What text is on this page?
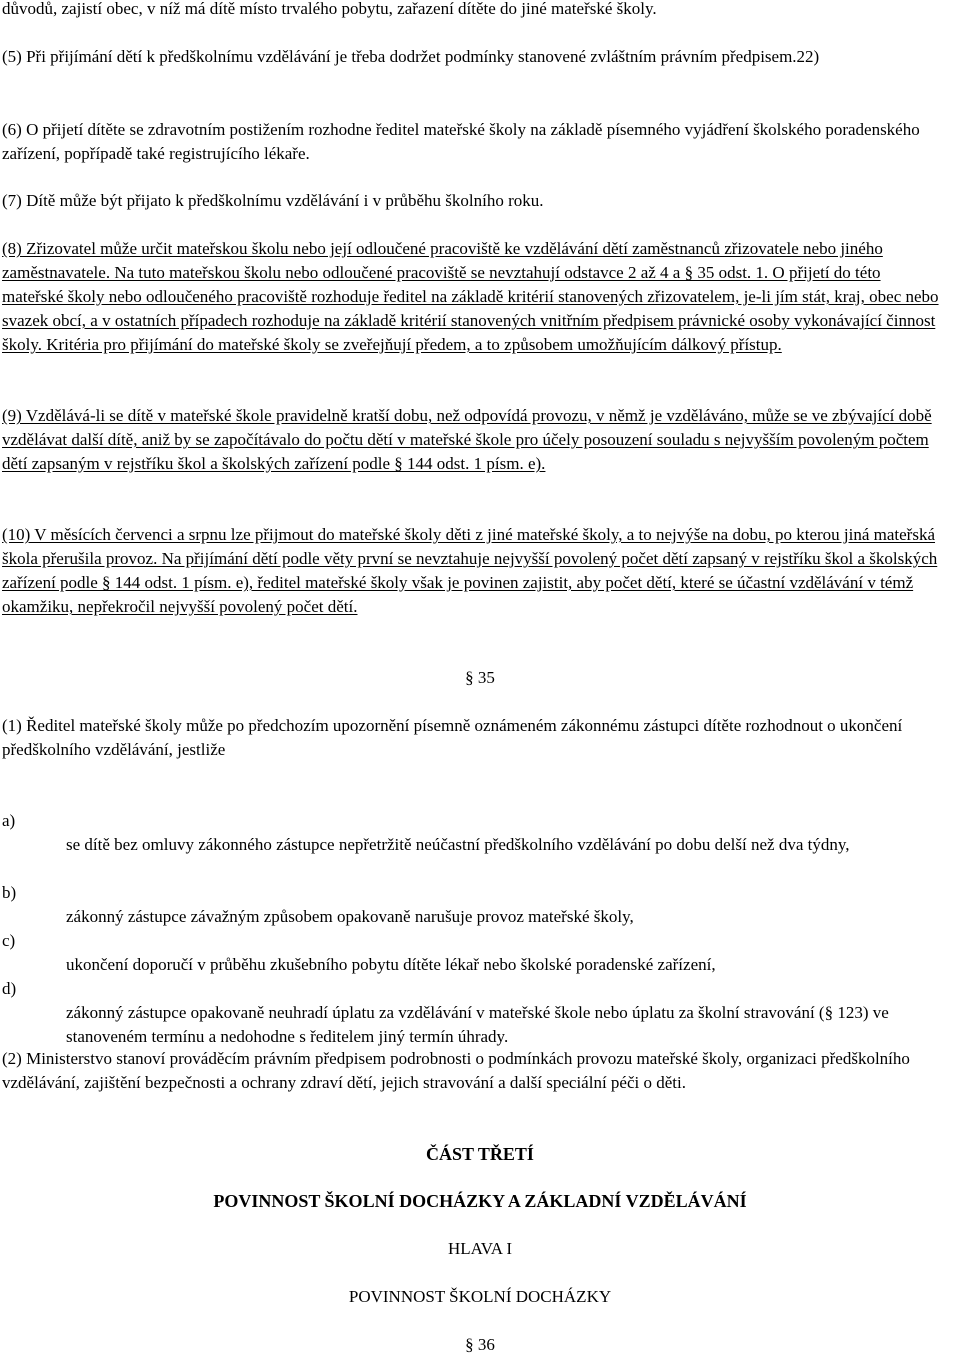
důvodů, zajistí obec, v níž má dítě místo trvalého pobytu, zařazení dítěte do jiné mateřské školy.

(5) Při přijímání dětí k předškolnímu vzdělávání je třeba dodržet podmínky stanovené zvláštním právním předpisem.22)

(6) O přijetí dítěte se zdravotním postižením rozhodne ředitel mateřské školy na základě písemného vyjádření školského poradenského zařízení, popřípadě také registrujícího lékaře.

(7) Dítě může být přijato k předškolnímu vzdělávání i v průběhu školního roku.

(8) Zřizovatel může určit mateřskou školu nebo její odloučené pracoviště ke vzdělávání dětí zaměstnanců zřizovatele nebo jiného zaměstnavatele. Na tuto mateřskou školu nebo odloučené pracoviště se nevztahují odstavce 2 až 4 a § 35 odst. 1. O přijetí do této mateřské školy nebo odloučeného pracoviště rozhoduje ředitel na základě kritérií stanovených zřizovatelem, je-li jím stát, kraj, obec nebo svazek obcí, a v ostatních případech rozhoduje na základě kritérií stanovených vnitřním předpisem právnické osoby vykonávající činnost školy. Kritéria pro přijímání do mateřské školy se zveřejňují předem, a to způsobem umožňujícím dálkový přístup.

(9) Vzdělává-li se dítě v mateřské škole pravidelně kratší dobu, než odpovídá provozu, v němž je vzděláváno, může se ve zbývající době vzdělávat další dítě, aniž by se započítávalo do počtu dětí v mateřské škole pro účely posouzení souladu s nejvyšším povoleným počtem dětí zapsaným v rejstříku škol a školských zařízení podle § 144 odst. 1 písm. e).

(10) V měsících červenci a srpnu lze přijmout do mateřské školy děti z jiné mateřské školy, a to nejvýše na dobu, po kterou jiná mateřská škola přerušila provoz. Na přijímání dětí podle věty první se nevztahuje nejvyšší povolený počet dětí zapsaný v rejstříku škol a školských zařízení podle § 144 odst. 1 písm. e), ředitel mateřské školy však je povinen zajistit, aby počet dětí, které se účastní vzdělávání v témž okamžiku, nepřekročil nejvyšší povolený počet dětí.

§ 35

(1) Ředitel mateřské školy může po předchozím upozornění písemně oznámeném zákonnému zástupci dítěte rozhodnout o ukončení předškolního vzdělávání, jestliže

a)

se dítě bez omluvy zákonného zástupce nepřetržitě neúčastní předškolního vzdělávání po dobu delší než dva týdny,

b)

zákonný zástupce závažným způsobem opakovaně narušuje provoz mateřské školy,

c)

ukončení doporučí v průběhu zkušebního pobytu dítěte lékař nebo školské poradenské zařízení,

d)

zákonný zástupce opakovaně neuhradí úplatu za vzdělávání v mateřské škole nebo úplatu za školní stravování (§ 123) ve stanoveném termínu a nedohodne s ředitelem jiný termín úhrady.

(2) Ministerstvo stanoví prováděcím právním předpisem podrobnosti o podmínkách provozu mateřské školy, organizaci předškolního vzdělávání, zajištění bezpečnosti a ochrany zdraví dětí, jejich stravování a další speciální péči o děti.

ČÁST TŘETÍ

POVINNOST ŠKOLNÍ DOCHÁZKY A ZÁKLADNÍ VZDĚLÁVÁNÍ

HLAVA I

POVINNOST ŠKOLNÍ DOCHÁZKY

§ 36
